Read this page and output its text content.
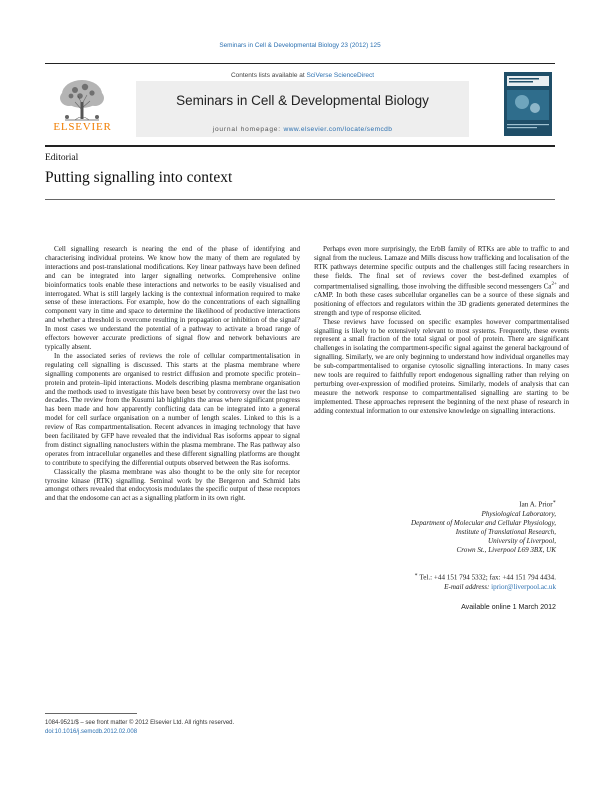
Seminars in Cell & Developmental Biology 23 (2012) 125
ELSEVIER
Contents lists available at SciVerse ScienceDirect
Seminars in Cell & Developmental Biology
journal homepage: www.elsevier.com/locate/semcdb
Editorial
Putting signalling into context

Cell signalling research is nearing the end of the phase of identifying and characterising individual proteins. We know how the many of them are regulated by interactions and post-translational modifications. Key linear pathways have been defined and can be integrated into larger signalling networks. Comprehensive online bioinformatics tools enable these interactions and networks to be easily visualised and interrogated. What is still largely lacking is the contextual information required to make sense of these interactions. For example, how do the concentrations of each signalling component vary in time and space to determine the likelihood of productive interactions and whether a threshold is overcome resulting in propagation or inhibition of the signal? In most cases we understand the potential of a pathway to activate a broad range of effectors however accurate predictions of signal flow and network behaviours are typically absent.

In the associated series of reviews the role of cellular compartmentalisation in regulating cell signalling is discussed. This starts at the plasma membrane where signalling components are organised to restrict diffusion and promote specific protein–protein and protein–lipid interactions. Models describing plasma membrane organisation and the methods used to investigate this have been beset by controversy over the last two decades. The review from the Kusumi lab highlights the areas where significant progress has been made and how apparently conflicting data can be integrated into a general model for cell surface organisation on a number of length scales. Linked to this is a review of Ras compartmentalisation. Recent advances in imaging technology that have been facilitated by GFP have revealed that the individual Ras isoforms appear to signal from distinct signalling nanoclusters within the plasma membrane. The Ras pathway also operates from intracellular organelles and these different signalling platforms are thought to contribute to specifying the differential outputs observed between the Ras isoforms.

Classically the plasma membrane was also thought to be the only site for receptor tyrosine kinase (RTK) signalling. Seminal work by the Bergeron and Schmid labs amongst others revealed that endocytosis modulates the specific output of these receptors and that the endosome can act as a signalling platform in its own right.

Perhaps even more surprisingly, the ErbB family of RTKs are able to traffic to and signal from the nucleus. Lamaze and Mills discuss how trafficking and localisation of the RTK pathways determine specific outputs and the challenges still facing researchers in these fields. The final set of reviews cover the best-defined examples of compartmentalised signalling, those involving the diffusible second messengers $Ca^{2+}$ and cAMP. In both these cases subcellular organelles can be a source of these signals and positioning of effectors and regulators within the 3D gradients generated determines the strength and type of response elicited.

These reviews have focussed on specific examples however compartmentalised signalling is likely to be extensively relevant to most systems. Frequently, these events represent a small fraction of the total signal or pool of protein. There are significant challenges in isolating the compartment-specific signal against the general background of signalling. Similarly, we are only beginning to understand how individual organelles may be sub-compartmentalised to organise cytosolic signalling interactions. In many cases new tools are required to faithfully report endogenous signalling rather than relying on perturbing over-expression of modified proteins. Similarly, models of analysis that can measure the network response to compartmentalised signalling are starting to be implemented. These approaches represent the beginning of the next phase of research in adding contextual information to our extensive knowledge on signalling interactions.

Ian A. Prior∗
Physiological Laboratory,
Department of Molecular and Cellular Physiology,
Institute of Translational Research,
University of Liverpool,
Crown St., Liverpool L69 3BX, UK
∗ Tel.: +44 151 794 5332; fax: +44 151 794 4434.
E-mail address: iprior@liverpool.ac.uk
Available online 1 March 2012
1084-9521/$ – see front matter © 2012 Elsevier Ltd. All rights reserved.
doi:10.1016/j.semcdb.2012.02.008
